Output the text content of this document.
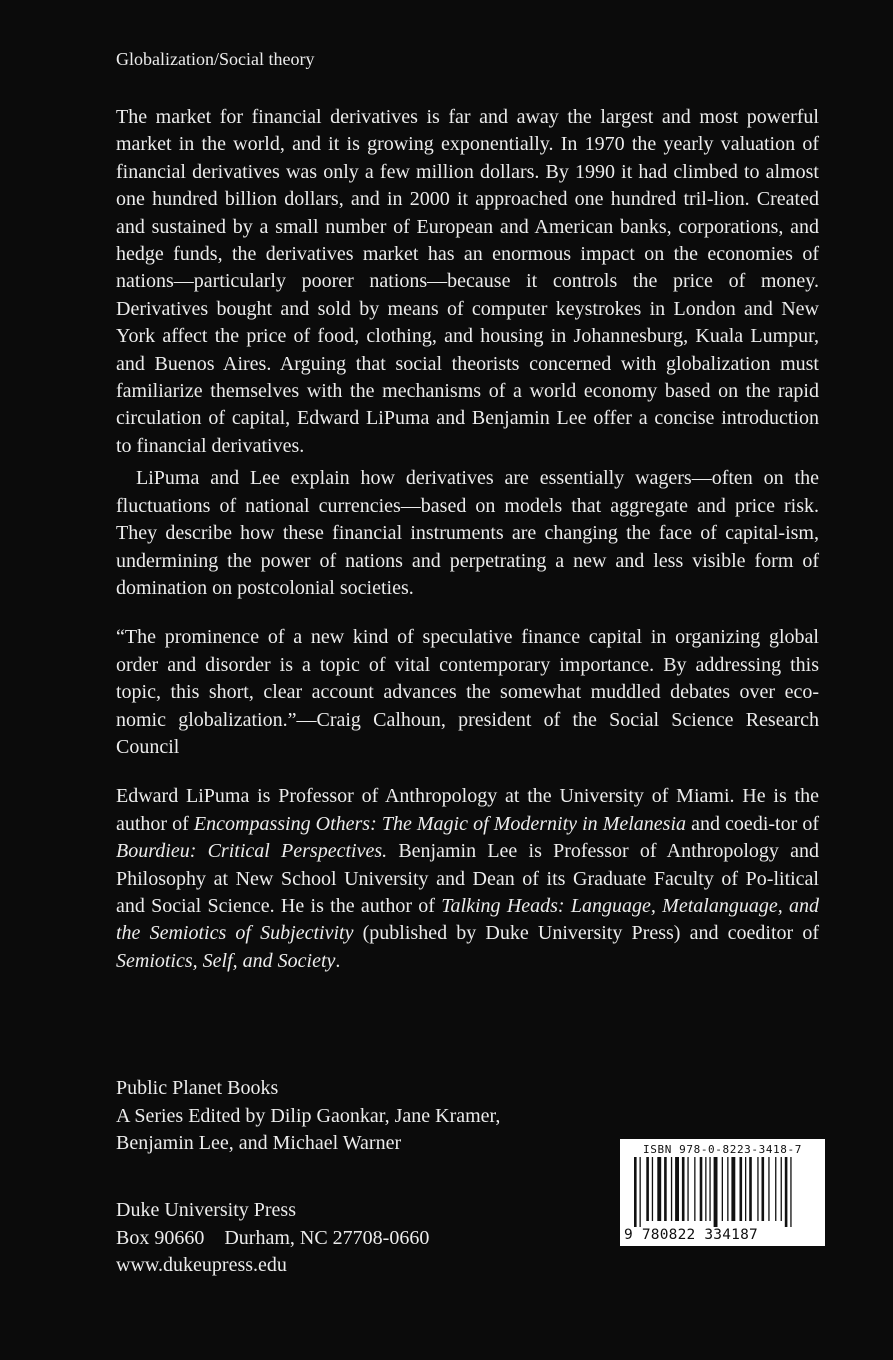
Globalization/Social theory

The market for financial derivatives is far and away the largest and most powerful market in the world, and it is growing exponentially. In 1970 the yearly valuation of financial derivatives was only a few million dollars. By 1990 it had climbed to almost one hundred billion dollars, and in 2000 it approached one hundred tril-lion. Created and sustained by a small number of European and American banks, corporations, and hedge funds, the derivatives market has an enormous impact on the economies of nations—particularly poorer nations—because it controls the price of money. Derivatives bought and sold by means of computer keystrokes in London and New York affect the price of food, clothing, and housing in Johannesburg, Kuala Lumpur, and Buenos Aires. Arguing that social theorists concerned with globalization must familiarize themselves with the mechanisms of a world economy based on the rapid circulation of capital, Edward LiPuma and Benjamin Lee offer a concise introduction to financial derivatives.

LiPuma and Lee explain how derivatives are essentially wagers—often on the fluctuations of national currencies—based on models that aggregate and price risk. They describe how these financial instruments are changing the face of capital-ism, undermining the power of nations and perpetrating a new and less visible form of domination on postcolonial societies.

“The prominence of a new kind of speculative finance capital in organizing global order and disorder is a topic of vital contemporary importance. By addressing this topic, this short, clear account advances the somewhat muddled debates over eco-nomic globalization.”—Craig Calhoun, president of the Social Science Research Council

Edward LiPuma is Professor of Anthropology at the University of Miami. He is the author of Encompassing Others: The Magic of Modernity in Melanesia and coedi-tor of Bourdieu: Critical Perspectives. Benjamin Lee is Professor of Anthropology and Philosophy at New School University and Dean of its Graduate Faculty of Po-litical and Social Science. He is the author of Talking Heads: Language, Metalanguage, and the Semiotics of Subjectivity (published by Duke University Press) and coeditor of Semiotics, Self, and Society.

Public Planet Books
A Series Edited by Dilip Gaonkar, Jane Kramer,
Benjamin Lee, and Michael Warner
Duke University Press
Box 90660    Durham, NC 27708-0660
www.dukeupress.edu
ISBN 978-0-8223-3418-7
9 780822 334187
